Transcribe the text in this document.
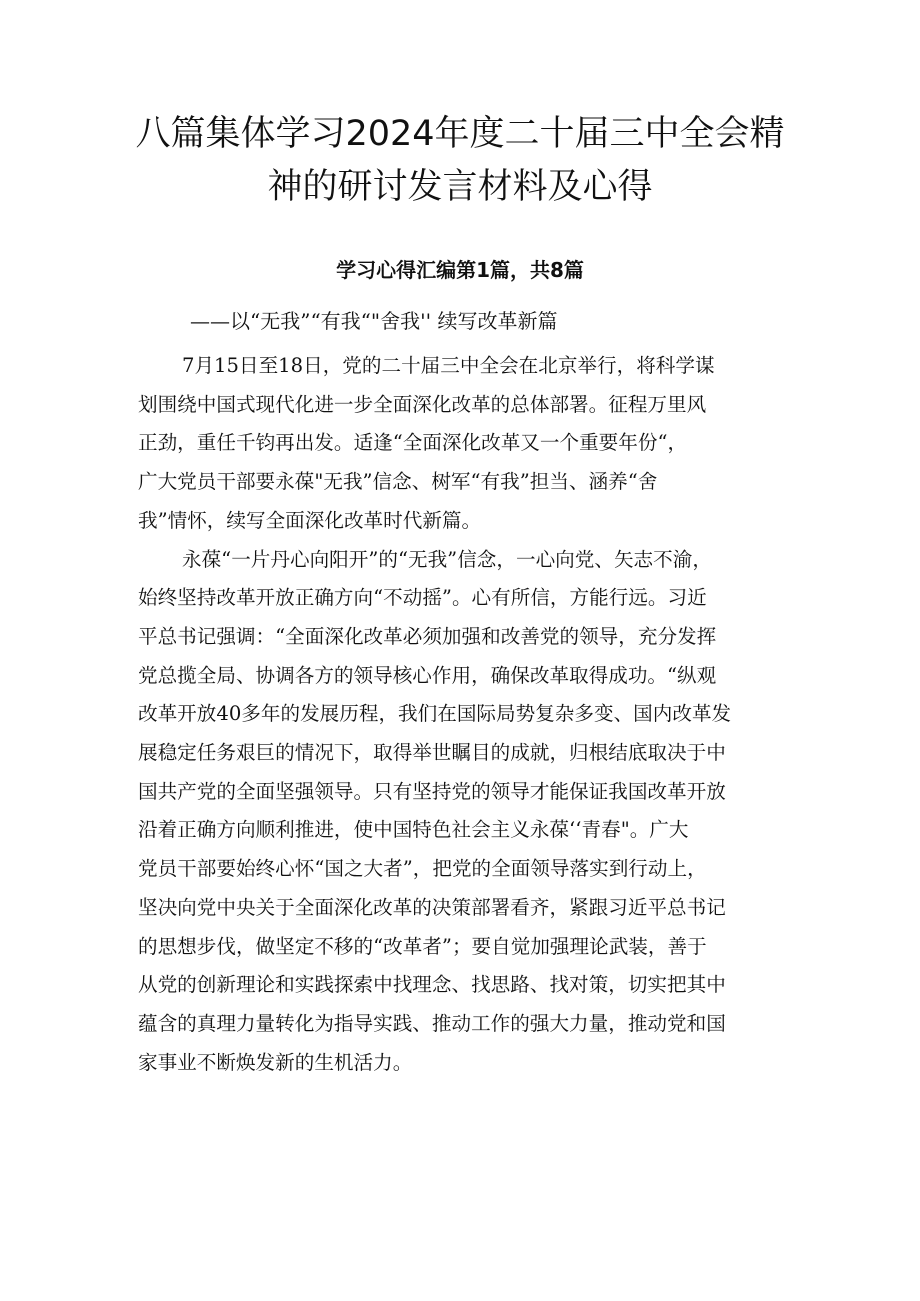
八篇集体学习2024年度二十届三中全会精
神的研讨发言材料及心得
学习心得汇编第1篇，共8篇

——以“无我”“有我“"舍我'' 续写改革新篇

7月15日至18日，党的二十届三中全会在北京举行，将科学谋
划围绕中国式现代化进一步全面深化改革的总体部署。征程万里风
正劲，重任千钧再出发。适逢“全面深化改革又一个重要年份“，
广大党员干部要永葆"无我”信念、树军“有我”担当、涵养“舍
我”情怀，续写全面深化改革时代新篇。

永葆“一片丹心向阳开”的“无我”信念，一心向党、矢志不渝，
始终坚持改革开放正确方向“不动摇”。心有所信，方能行远。习近
平总书记强调：“全面深化改革必须加强和改善党的领导，充分发挥
党总揽全局、协调各方的领导核心作用，确保改革取得成功。“纵观
改革开放40多年的发展历程，我们在国际局势复杂多变、国内改革发
展稳定任务艰巨的情况下，取得举世瞩目的成就，归根结底取决于中
国共产党的全面坚强领导。只有坚持党的领导才能保证我国改革开放
沿着正确方向顺利推进，使中国特色社会主义永葆‘‘青春"。广大
党员干部要始终心怀“国之大者”，把党的全面领导落实到行动上，
坚决向党中央关于全面深化改革的决策部署看齐，紧跟习近平总书记
的思想步伐，做坚定不移的“改革者”；要自觉加强理论武装，善于
从党的创新理论和实践探索中找理念、找思路、找对策，切实把其中
蕴含的真理力量转化为指导实践、推动工作的强大力量，推动党和国
家事业不断焕发新的生机活力。
